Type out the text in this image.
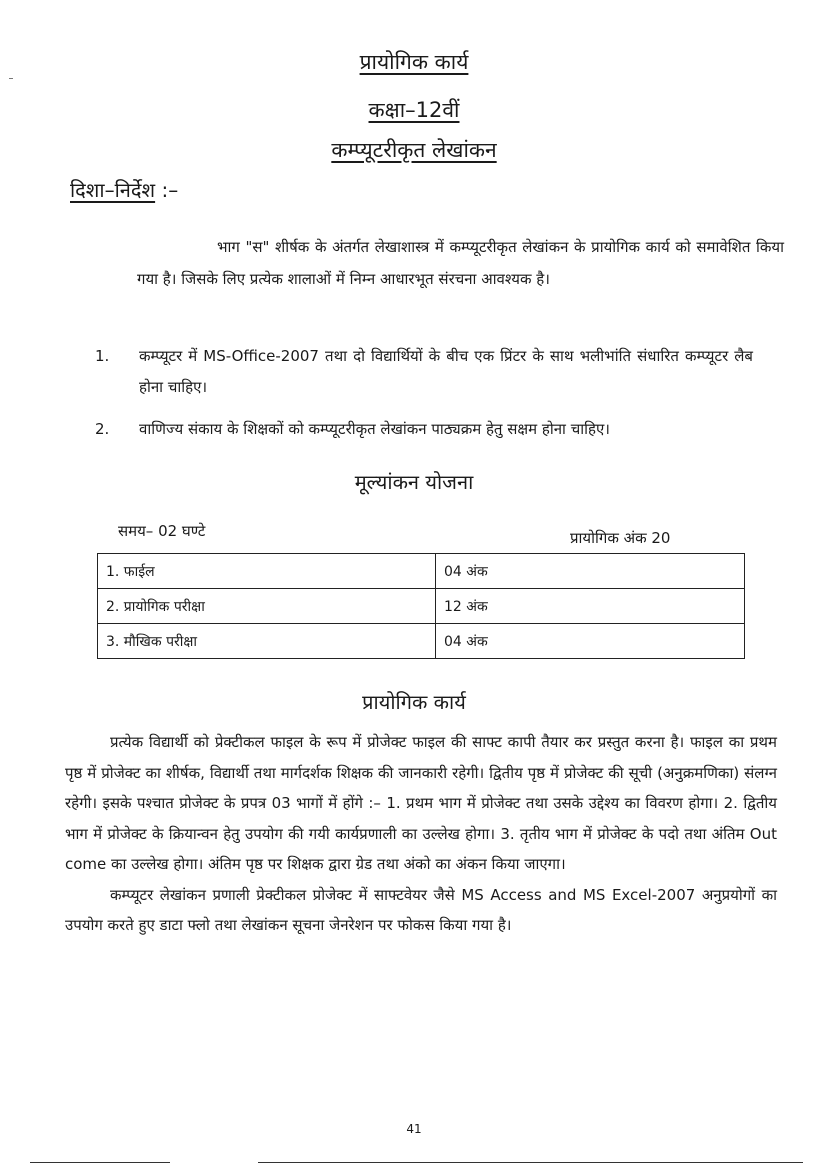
प्रायोगिक कार्य
कक्षा–12वीं
कम्प्यूटरीकृत लेखांकन
दिशा–निर्देश :–
भाग "स" शीर्षक के अंतर्गत लेखाशास्त्र में कम्प्यूटरीकृत लेखांकन के प्रायोगिक कार्य को समावेशित किया गया है। जिसके लिए प्रत्येक शालाओं में निम्न आधारभूत संरचना आवश्यक है।
1.	कम्प्यूटर में MS-Office-2007 तथा दो विद्यार्थियों के बीच एक प्रिंटर के साथ भलीभांति संधारित कम्प्यूटर लैब होना चाहिए।
2.	वाणिज्य संकाय के शिक्षकों को कम्प्यूटरीकृत लेखांकन पाठ्यक्रम हेतु सक्षम होना चाहिए।
मूल्यांकन योजना
समय– 02 घण्टे	प्रायोगिक अंक 20
1. फाईल	04 अंक
2. प्रायोगिक परीक्षा	12 अंक
3. मौखिक परीक्षा	04 अंक
प्रायोगिक कार्य

प्रत्येक विद्यार्थी को प्रेक्टीकल फाइल के रूप में प्रोजेक्ट फाइल की साफ्ट कापी तैयार कर प्रस्तुत करना है। फाइल का प्रथम पृष्ठ में प्रोजेक्ट का शीर्षक, विद्यार्थी तथा मार्गदर्शक शिक्षक की जानकारी रहेगी। द्वितीय पृष्ठ में प्रोजेक्ट की सूची (अनुक्रमणिका) संलग्न रहेगी। इसके पश्चात प्रोजेक्ट के प्रपत्र 03 भागों में होंगे :– 1. प्रथम भाग में प्रोजेक्ट तथा उसके उद्देश्य का विवरण होगा। 2. द्वितीय भाग में प्रोजेक्ट के क्रियान्वन हेतु उपयोग की गयी कार्यप्रणाली का उल्लेख होगा। 3. तृतीय भाग में प्रोजेक्ट के पदो तथा अंतिम Out come का उल्लेख होगा। अंतिम पृष्ठ पर शिक्षक द्वारा ग्रेड तथा अंको का अंकन किया जाएगा।

कम्प्यूटर लेखांकन प्रणाली प्रेक्टीकल प्रोजेक्ट में साफ्टवेयर जैसे MS Access and MS Excel-2007 अनुप्रयोगों का उपयोग करते हुए डाटा फ्लो तथा लेखांकन सूचना जेनरेशन पर फोकस किया गया है।

41
